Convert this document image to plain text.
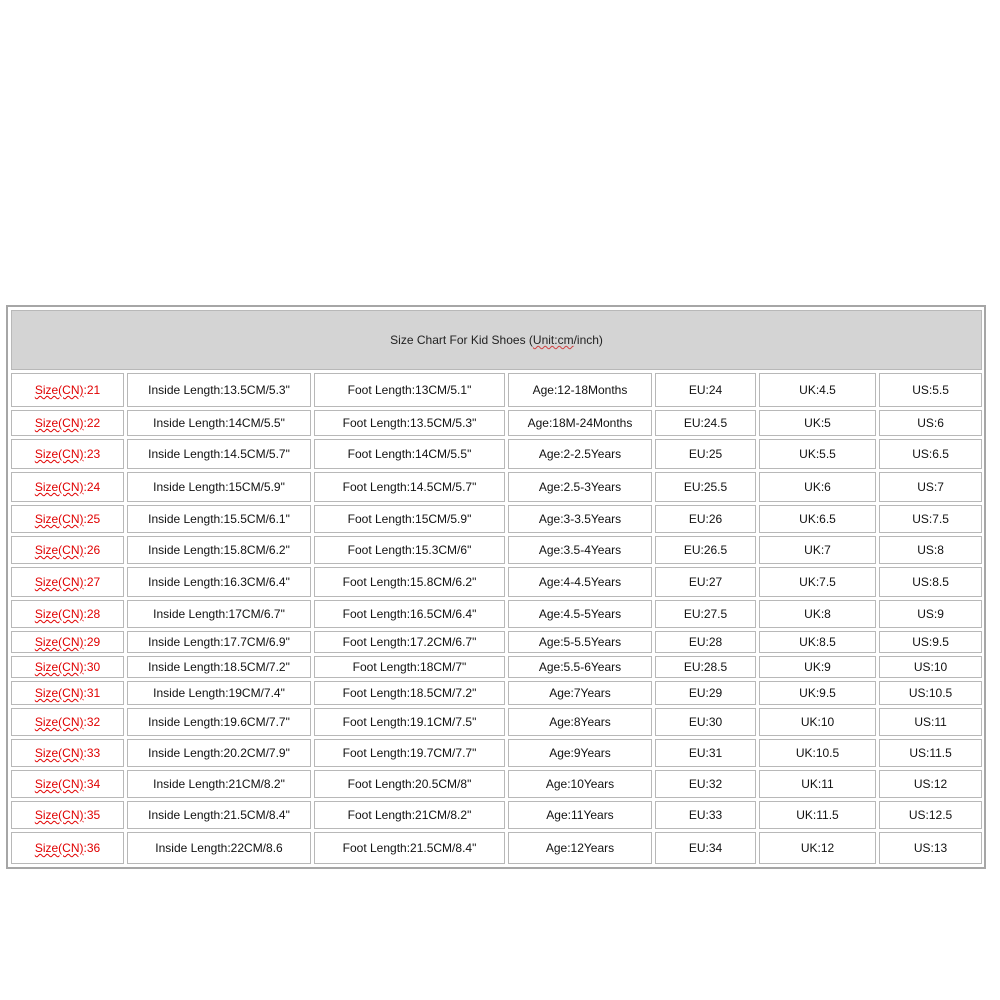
Size Chart For Kid Shoes (Unit:cm/inch)						
Size(CN):21	Inside Length:13.5CM/5.3"	Foot Length:13CM/5.1"	Age:12-18Months	EU:24	UK:4.5	US:5.5
Size(CN):22	Inside Length:14CM/5.5"	Foot Length:13.5CM/5.3"	Age:18M-24Months	EU:24.5	UK:5	US:6
Size(CN):23	Inside Length:14.5CM/5.7"	Foot Length:14CM/5.5"	Age:2-2.5Years	EU:25	UK:5.5	US:6.5
Size(CN):24	Inside Length:15CM/5.9"	Foot Length:14.5CM/5.7"	Age:2.5-3Years	EU:25.5	UK:6	US:7
Size(CN):25	Inside Length:15.5CM/6.1"	Foot Length:15CM/5.9"	Age:3-3.5Years	EU:26	UK:6.5	US:7.5
Size(CN):26	Inside Length:15.8CM/6.2"	Foot Length:15.3CM/6"	Age:3.5-4Years	EU:26.5	UK:7	US:8
Size(CN):27	Inside Length:16.3CM/6.4"	Foot Length:15.8CM/6.2"	Age:4-4.5Years	EU:27	UK:7.5	US:8.5
Size(CN):28	Inside Length:17CM/6.7"	Foot Length:16.5CM/6.4"	Age:4.5-5Years	EU:27.5	UK:8	US:9
Size(CN):29	Inside Length:17.7CM/6.9"	Foot Length:17.2CM/6.7"	Age:5-5.5Years	EU:28	UK:8.5	US:9.5
Size(CN):30	Inside Length:18.5CM/7.2"	Foot Length:18CM/7"	Age:5.5-6Years	EU:28.5	UK:9	US:10
Size(CN):31	Inside Length:19CM/7.4"	Foot Length:18.5CM/7.2"	Age:7Years	EU:29	UK:9.5	US:10.5
Size(CN):32	Inside Length:19.6CM/7.7"	Foot Length:19.1CM/7.5"	Age:8Years	EU:30	UK:10	US:11
Size(CN):33	Inside Length:20.2CM/7.9"	Foot Length:19.7CM/7.7"	Age:9Years	EU:31	UK:10.5	US:11.5
Size(CN):34	Inside Length:21CM/8.2"	Foot Length:20.5CM/8"	Age:10Years	EU:32	UK:11	US:12
Size(CN):35	Inside Length:21.5CM/8.4"	Foot Length:21CM/8.2"	Age:11Years	EU:33	UK:11.5	US:12.5
Size(CN):36	Inside Length:22CM/8.6	Foot Length:21.5CM/8.4"	Age:12Years	EU:34	UK:12	US:13
